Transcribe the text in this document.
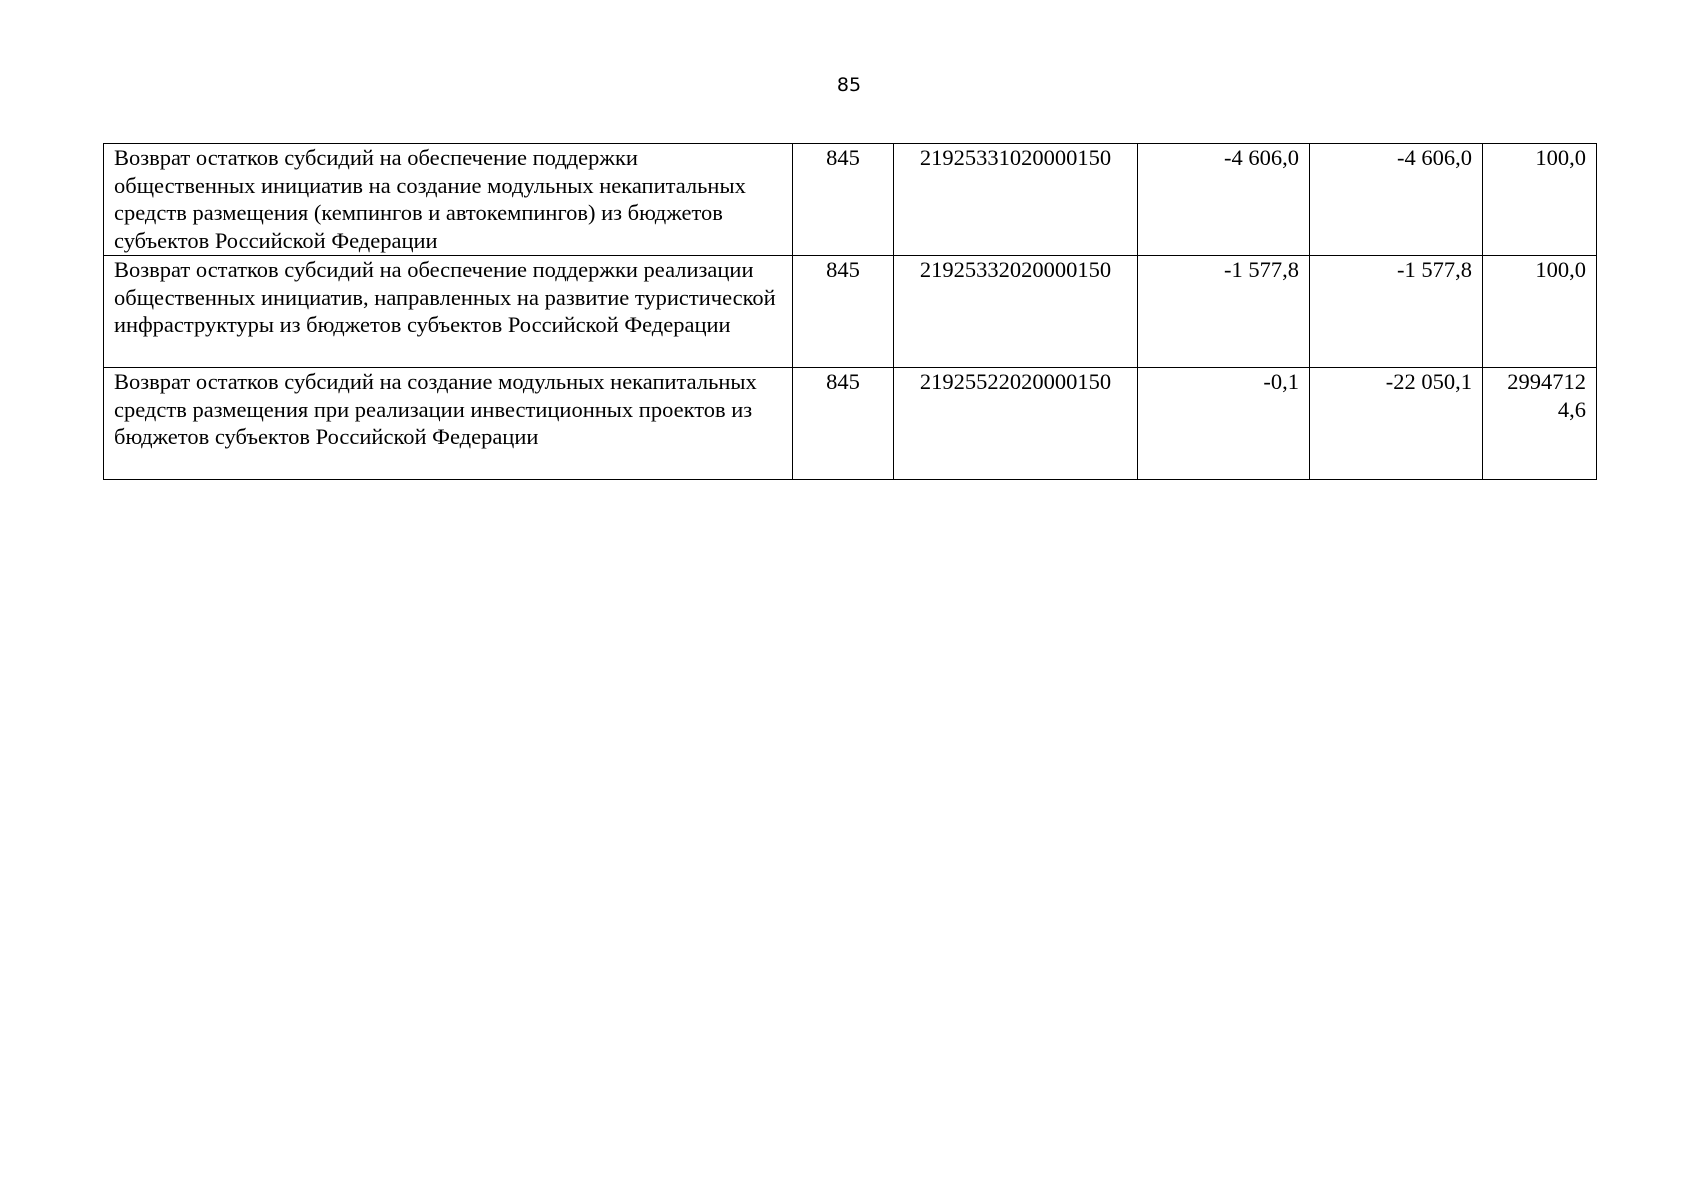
85
Возврат остатков субсидий на обеспечение поддержки общественных инициатив на создание модульных некапитальных средств размещения (кемпингов и автокемпингов) из бюджетов субъектов Российской Федерации	845	21925331020000150	-4 606,0	-4 606,0	100,0
Возврат остатков субсидий на обеспечение поддержки реализации общественных инициатив, направленных на развитие туристической инфраструктуры из бюджетов субъектов Российской Федерации	845	21925332020000150	-1 577,8	-1 577,8	100,0
Возврат остатков субсидий на создание модульных некапитальных средств размещения при реализации инвестиционных проектов из бюджетов субъектов Российской Федерации	845	21925522020000150	-0,1	-22 050,1	29947124,6
